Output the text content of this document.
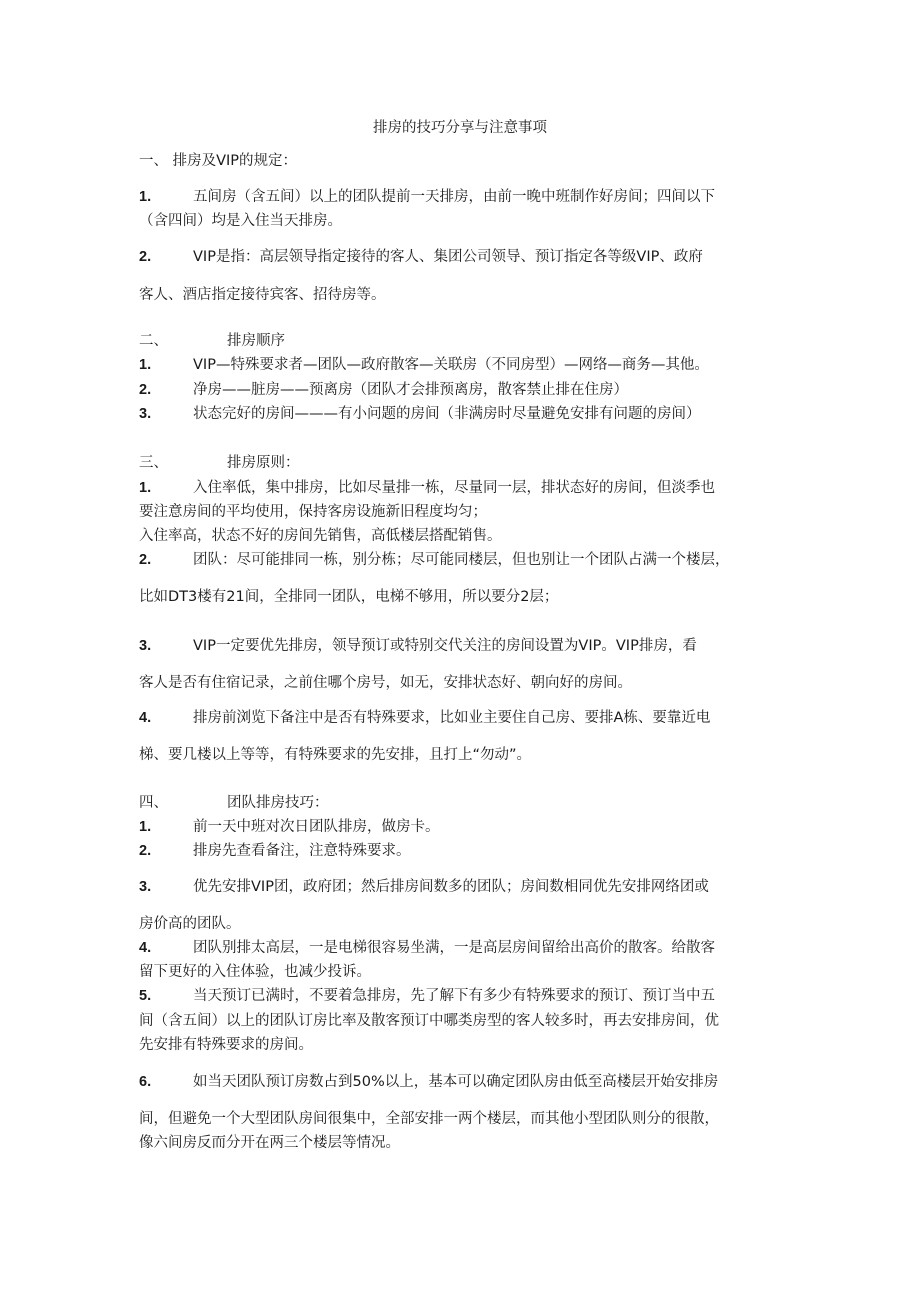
排房的技巧分享与注意事项
一、 排房及VIP的规定：
1.	五间房（含五间）以上的团队提前一天排房，由前一晚中班制作好房间；四间以下
（含四间）均是入住当天排房。
2.	VIP是指：高层领导指定接待的客人、集团公司领导、预订指定各等级VIP、政府
客人、酒店指定接待宾客、招待房等。
二、	排房顺序
1.	VIP—特殊要求者—团队—政府散客—关联房（不同房型）—网络—商务—其他。
2.	净房——脏房——预离房（团队才会排预离房，散客禁止排在住房）
3.	状态完好的房间———有小问题的房间（非满房时尽量避免安排有问题的房间）
三、	排房原则：
1.	入住率低，集中排房，比如尽量排一栋，尽量同一层，排状态好的房间，但淡季也
要注意房间的平均使用，保持客房设施新旧程度均匀；
入住率高，状态不好的房间先销售，高低楼层搭配销售。
2.	团队：尽可能排同一栋，别分栋；尽可能同楼层，但也别让一个团队占满一个楼层，
比如DT3楼有21间，全排同一团队，电梯不够用，所以要分2层；
3.	VIP一定要优先排房，领导预订或特别交代关注的房间设置为VIP。VIP排房，看
客人是否有住宿记录，之前住哪个房号，如无，安排状态好、朝向好的房间。
4.	排房前浏览下备注中是否有特殊要求，比如业主要住自己房、要排A栋、要靠近电
梯、要几楼以上等等，有特殊要求的先安排，且打上“勿动”。
四、	团队排房技巧：
1.	前一天中班对次日团队排房，做房卡。
2.	排房先查看备注，注意特殊要求。
3.	优先安排VIP团，政府团；然后排房间数多的团队；房间数相同优先安排网络团或
房价高的团队。
4.	团队别排太高层，一是电梯很容易坐满，一是高层房间留给出高价的散客。给散客
留下更好的入住体验，也减少投诉。
5.	当天预订已满时，不要着急排房，先了解下有多少有特殊要求的预订、预订当中五
间（含五间）以上的团队订房比率及散客预订中哪类房型的客人较多时，再去安排房间，优
先安排有特殊要求的房间。
6.	如当天团队预订房数占到50%以上，基本可以确定团队房由低至高楼层开始安排房
间，但避免一个大型团队房间很集中，全部安排一两个楼层，而其他小型团队则分的很散，
像六间房反而分开在两三个楼层等情况。
